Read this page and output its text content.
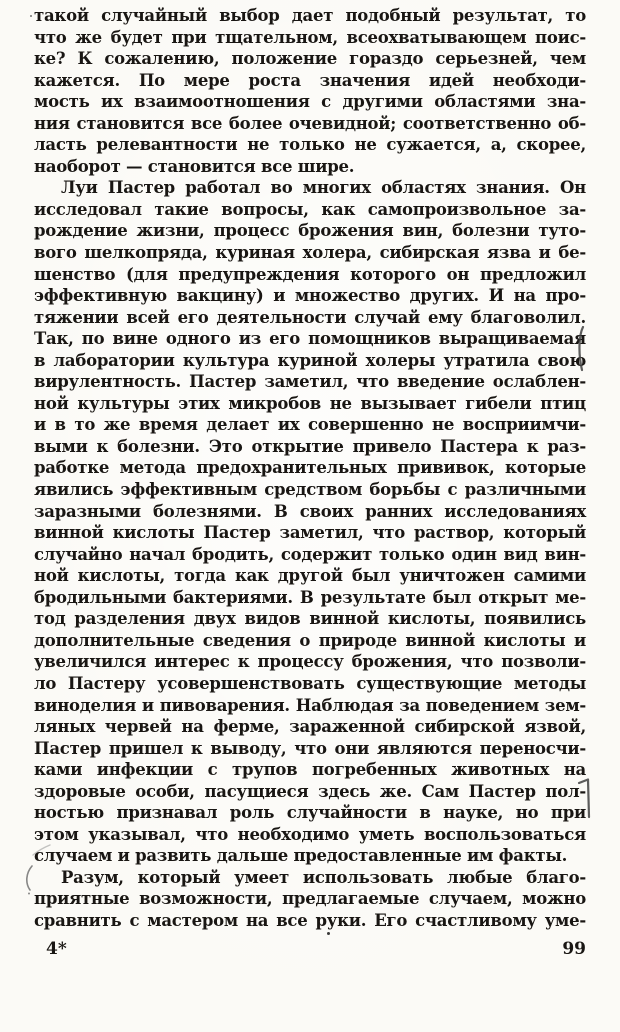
такой случайный выбор дает подобный результат, то
что же будет при тщательном, всеохватывающем поис-
ке? К сожалению, положение гораздо серьезней, чем
кажется. По мере роста значения идей необходи-
мость их взаимоотношения с другими областями зна-
ния становится все более очевидной; соответственно об-
ласть релевантности не только не сужается, а, скорее,
наоборот — становится все шире.

Луи Пастер работал во многих областях знания. Он
исследовал такие вопросы, как самопроизвольное за-
рождение жизни, процесс брожения вин, болезни туто-
вого шелкопряда, куриная холера, сибирская язва и бе-
шенство (для предупреждения которого он предложил
эффективную вакцину) и множество других. И на про-
тяжении всей его деятельности случай ему благоволил.
Так, по вине одного из его помощников выращиваемая
в лаборатории культура куриной холеры утратила свою
вирулентность. Пастер заметил, что введение ослаблен-
ной культуры этих микробов не вызывает гибели птиц
и в то же время делает их совершенно не восприимчи-
выми к болезни. Это открытие привело Пастера к раз-
работке метода предохранительных прививок, которые
явились эффективным средством борьбы с различными
заразными болезнями. В своих ранних исследованиях
винной кислоты Пастер заметил, что раствор, который
случайно начал бродить, содержит только один вид вин-
ной кислоты, тогда как другой был уничтожен самими
бродильными бактериями. В результате был открыт ме-
тод разделения двух видов винной кислоты, появились
дополнительные сведения о природе винной кислоты и
увеличился интерес к процессу брожения, что позволи-
ло Пастеру усовершенствовать существующие методы
виноделия и пивоварения. Наблюдая за поведением зем-
ляных червей на ферме, зараженной сибирской язвой,
Пастер пришел к выводу, что они являются переносчи-
ками инфекции с трупов погребенных животных на
здоровые особи, пасущиеся здесь же. Сам Пастер пол-
ностью признавал роль случайности в науке, но при
этом указывал, что необходимо уметь воспользоваться
случаем и развить дальше предоставленные им факты.

Разум, который умеет использовать любые благо-
приятные возможности, предлагаемые случаем, можно
сравнить с мастером на все руки. Его счастливому уме-

4*	99
